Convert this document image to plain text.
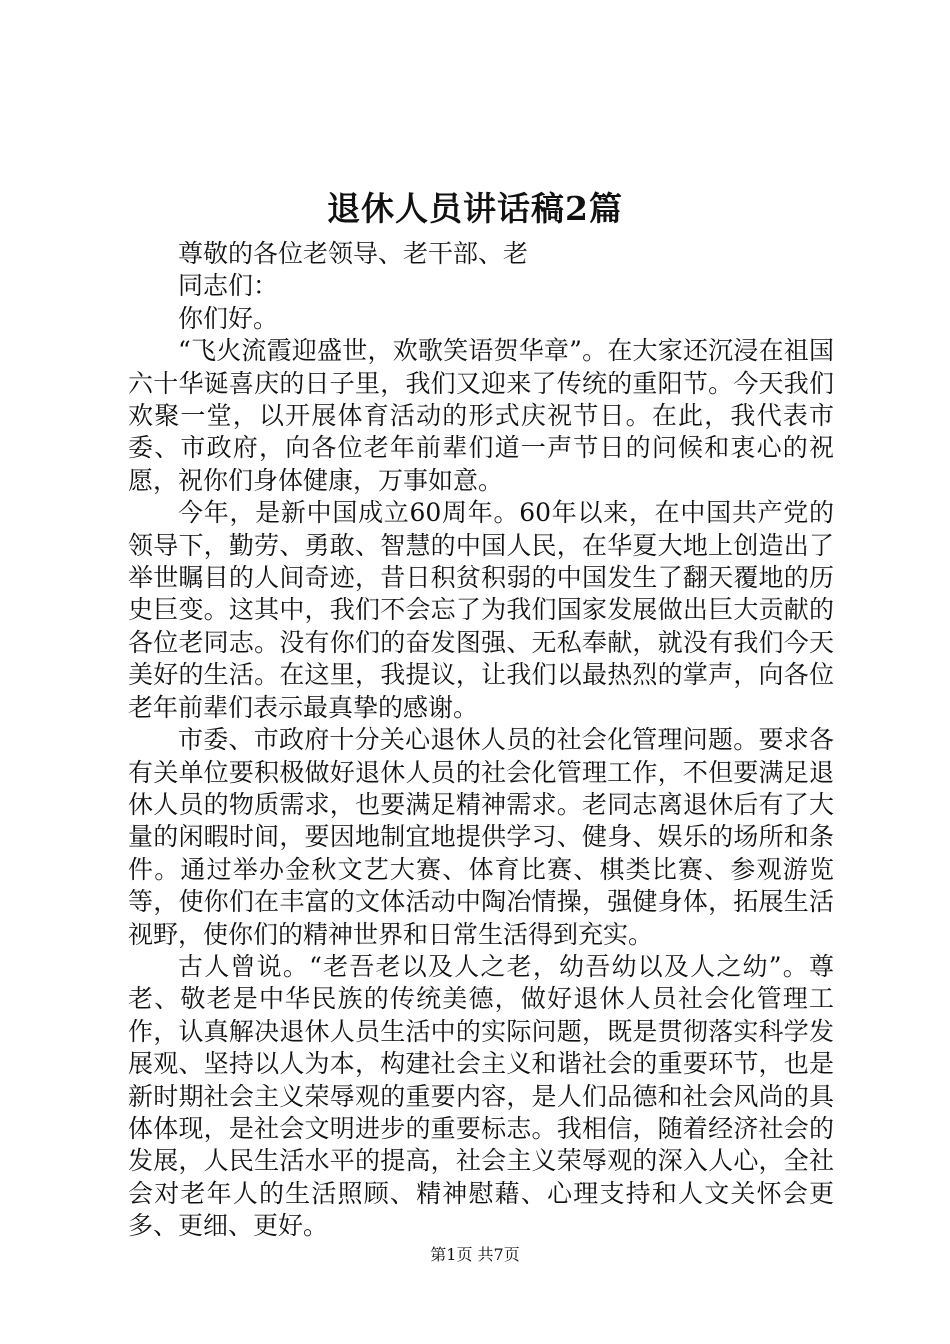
退休人员讲话稿2篇

尊敬的各位老领导、老干部、老

同志们：

你们好。

“飞火流霞迎盛世，欢歌笑语贺华章”。在大家还沉浸在祖国六十华诞喜庆的日子里，我们又迎来了传统的重阳节。今天我们欢聚一堂，以开展体育活动的形式庆祝节日。在此，我代表市委、市政府，向各位老年前辈们道一声节日的问候和衷心的祝愿，祝你们身体健康，万事如意。

今年，是新中国成立60周年。60年以来，在中国共产党的领导下，勤劳、勇敢、智慧的中国人民，在华夏大地上创造出了举世瞩目的人间奇迹，昔日积贫积弱的中国发生了翻天覆地的历史巨变。这其中，我们不会忘了为我们国家发展做出巨大贡献的各位老同志。没有你们的奋发图强、无私奉献，就没有我们今天美好的生活。在这里，我提议，让我们以最热烈的掌声，向各位老年前辈们表示最真挚的感谢。

市委、市政府十分关心退休人员的社会化管理问题。要求各有关单位要积极做好退休人员的社会化管理工作，不但要满足退休人员的物质需求，也要满足精神需求。老同志离退休后有了大量的闲暇时间，要因地制宜地提供学习、健身、娱乐的场所和条件。通过举办金秋文艺大赛、体育比赛、棋类比赛、参观游览等，使你们在丰富的文体活动中陶冶情操，强健身体，拓展生活视野，使你们的精神世界和日常生活得到充实。

古人曾说。“老吾老以及人之老，幼吾幼以及人之幼”。尊老、敬老是中华民族的传统美德，做好退休人员社会化管理工作，认真解决退休人员生活中的实际问题，既是贯彻落实科学发展观、坚持以人为本，构建社会主义和谐社会的重要环节，也是新时期社会主义荣辱观的重要内容，是人们品德和社会风尚的具体体现，是社会文明进步的重要标志。我相信，随着经济社会的发展，人民生活水平的提高，社会主义荣辱观的深入人心，全社会对老年人的生活照顾、精神慰藉、心理支持和人文关怀会更多、更细、更好。

第1页 共7页
